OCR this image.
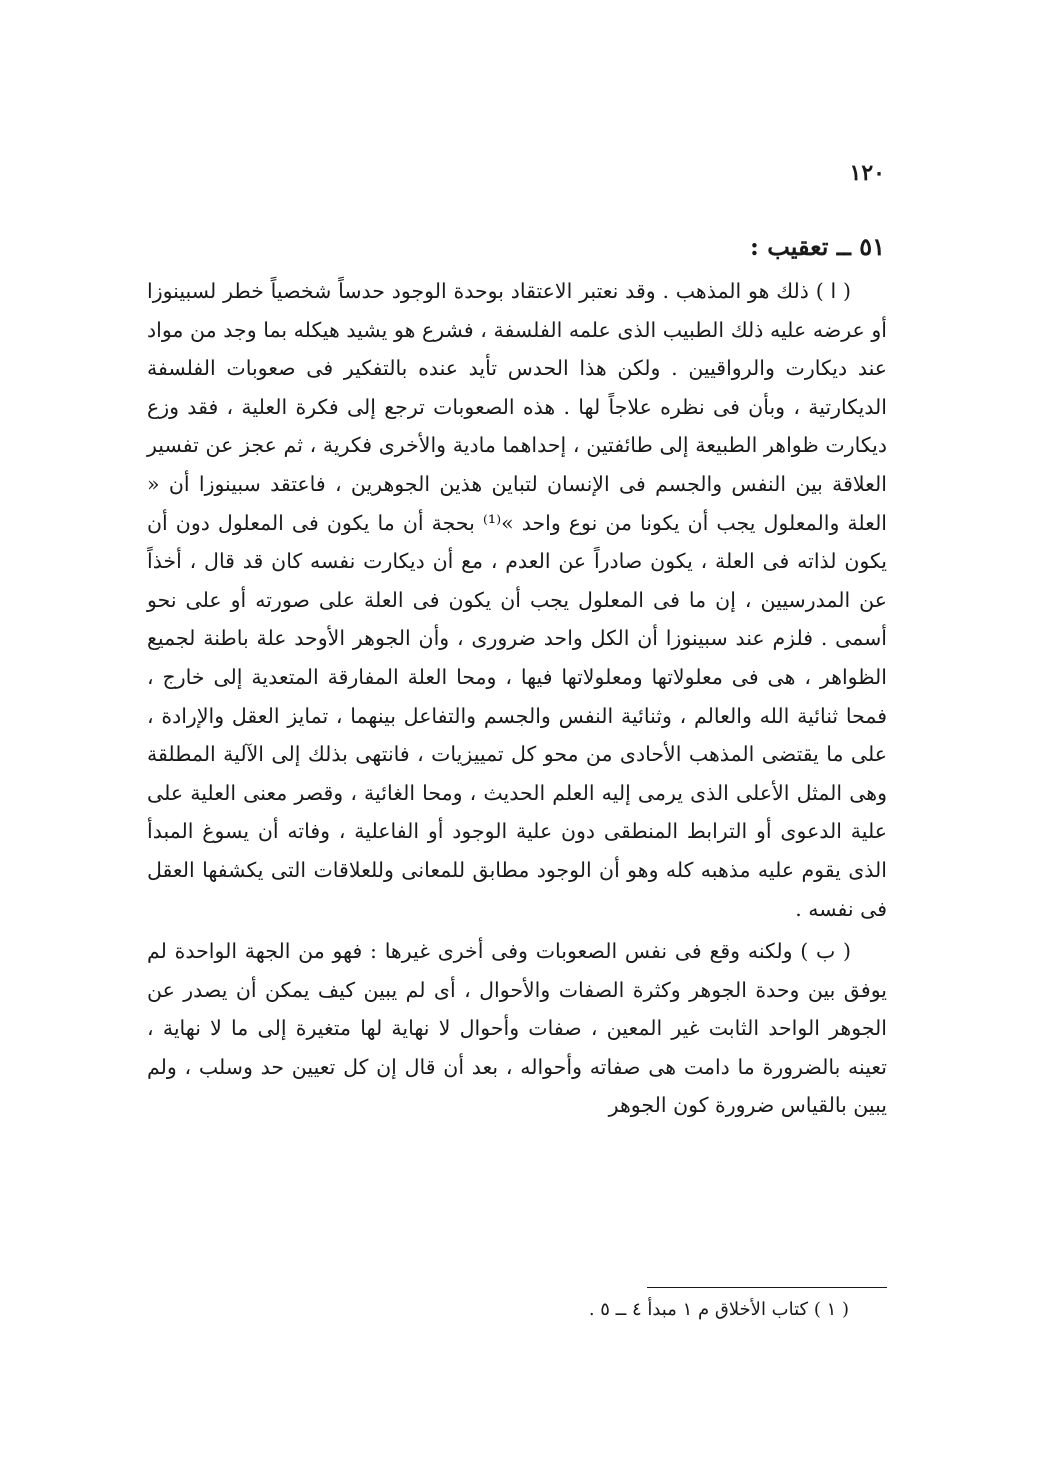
١٢٠
٥١ ــ تعقيب :

( ا ) ذلك هو المذهب . وقد نعتبر الاعتقاد بوحدة الوجود حدساً شخصياً خطر لسبينوزا أو عرضه عليه ذلك الطبيب الذى علمه الفلسفة ، فشرع هو يشيد هيكله بما وجد من مواد عند ديكارت والرواقيين . ولكن هذا الحدس تأيد عنده بالتفكير فى صعوبات الفلسفة الديكارتية ، وبأن فى نظره علاجاً لها . هذه الصعوبات ترجع إلى فكرة العلية ، فقد وزع ديكارت ظواهر الطبيعة إلى طائفتين ، إحداهما مادية والأخرى فكرية ، ثم عجز عن تفسير العلاقة بين النفس والجسم فى الإنسان لتباين هذين الجوهرين ، فاعتقد سبينوزا أن « العلة والمعلول يجب أن يكونا من نوع واحد »⁽¹⁾ بحجة أن ما يكون فى المعلول دون أن يكون لذاته فى العلة ، يكون صادراً عن العدم ، مع أن ديكارت نفسه كان قد قال ، أخذاً عن المدرسيين ، إن ما فى المعلول يجب أن يكون فى العلة على صورته أو على نحو أسمى . فلزم عند سبينوزا أن الكل واحد ضرورى ، وأن الجوهر الأوحد علة باطنة لجميع الظواهر ، هى فى معلولاتها ومعلولاتها فيها ، ومحا العلة المفارقة المتعدية إلى خارج ، فمحا ثنائية الله والعالم ، وثنائية النفس والجسم والتفاعل بينهما ، تمايز العقل والإرادة ، على ما يقتضى المذهب الأحادى من محو كل تمييزيات ، فانتهى بذلك إلى الآلية المطلقة وهى المثل الأعلى الذى يرمى إليه العلم الحديث ، ومحا الغائية ، وقصر معنى العلية على علية الدعوى أو الترابط المنطقى دون علية الوجود أو الفاعلية ، وفاته أن يسوغ المبدأ الذى يقوم عليه مذهبه كله وهو أن الوجود مطابق للمعانى وللعلاقات التى يكشفها العقل فى نفسه .

( ب ) ولكنه وقع فى نفس الصعوبات وفى أخرى غيرها : فهو من الجهة الواحدة لم يوفق بين وحدة الجوهر وكثرة الصفات والأحوال ، أى لم يبين كيف يمكن أن يصدر عن الجوهر الواحد الثابت غير المعين ، صفات وأحوال لا نهاية لها متغيرة إلى ما لا نهاية ، تعينه بالضرورة ما دامت هى صفاته وأحواله ، بعد أن قال إن كل تعيين حد وسلب ، ولم يبين بالقياس ضرورة كون الجوهر

( ١ ) كتاب الأخلاق م ١ مبدأ ٤ ــ ٥ .
